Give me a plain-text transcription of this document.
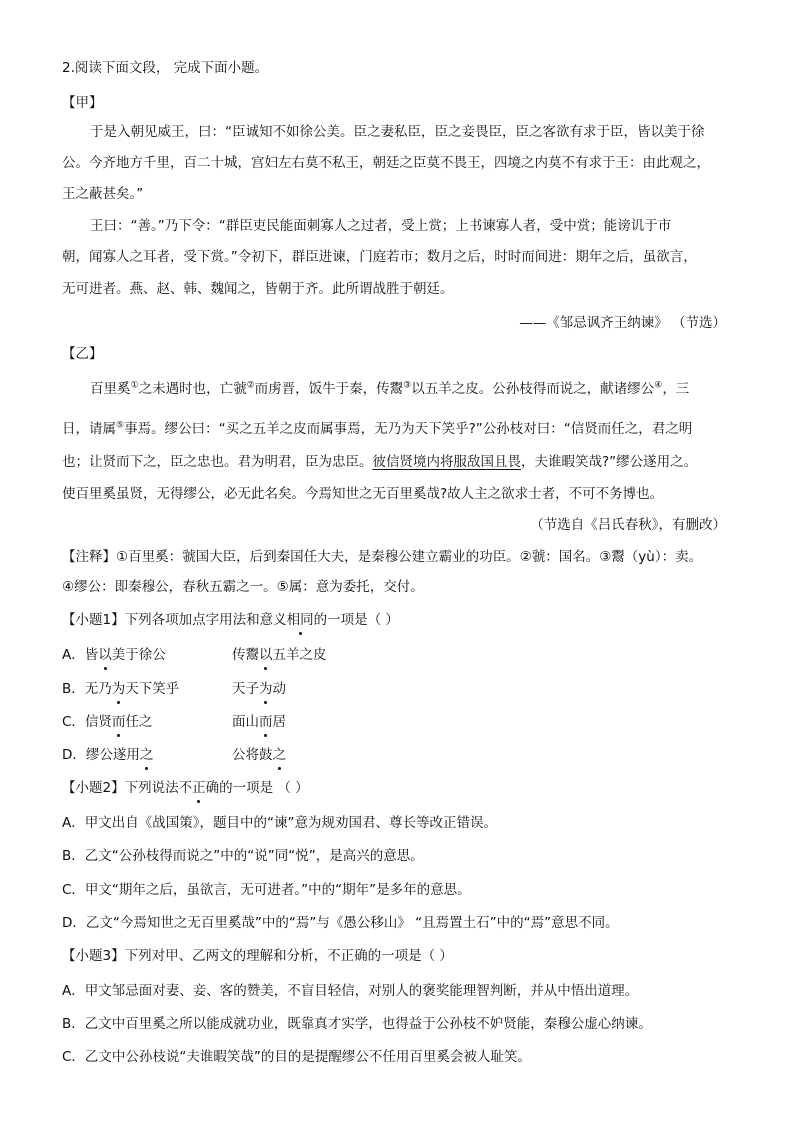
2.阅读下面文段， 完成下面小题。
【甲】
于是入朝见威王，曰：“臣诚知不如徐公美。臣之妻私臣，臣之妾畏臣，臣之客欲有求于臣，皆以美于徐
公。今齐地方千里，百二十城，宫妇左右莫不私王，朝廷之臣莫不畏王，四境之内莫不有求于王：由此观之，
王之蔽甚矣。”
王曰：“善。”乃下令：“群臣吏民能面刺寡人之过者，受上赏；上书谏寡人者，受中赏；能谤讥于市
朝，闻寡人之耳者，受下赏。”令初下，群臣进谏，门庭若市；数月之后，时时而间进：期年之后，虽欲言，
无可进者。燕、赵、韩、魏闻之，皆朝于齐。此所谓战胜于朝廷。
——《邹忌讽齐王纳谏》 （节选）
【乙】
百里奚①之未遇时也，亡虢②而虏晋，饭牛于秦，传鬻③以五羊之皮。公孙枝得而说之，献诸缪公④，三
日，请属⑤事焉。缪公曰：“买之五羊之皮而属事焉，无乃为天下笑乎?”公孙枝对曰：“信贤而任之，君之明
也；让贤而下之，臣之忠也。君为明君，臣为忠臣。彼信贤境内将服敌国且畏，夫谁暇笑哉?”缪公遂用之。
使百里奚虽贤，无得缪公，必无此名矣。今焉知世之无百里奚哉?故人主之欲求士者，不可不务博也。
（节选自《吕氏春秋》，有删改）
【注释】①百里奚：虢国大臣，后到秦国任大夫，是秦穆公建立霸业的功臣。②虢：国名。③鬻（yù）：卖。
④缪公：即秦穆公，春秋五霸之一。⑤属：意为委托，交付。
【小题1】下列各项加点字用法和意义相同的一项是（ ）
A．皆以美于徐公	传鬻以五羊之皮
B．无乃为天下笑乎	天子为动
C．信贤而任之	面山而居
D．缪公遂用之	公将鼓之
【小题2】下列说法不正确的一项是 （ ）
A．甲文出自《战国策》，题目中的“谏”意为规劝国君、尊长等改正错误。
B．乙文“公孙枝得而说之”中的“说”同“悦”，是高兴的意思。
C．甲文“期年之后，虽欲言，无可进者。”中的“期年”是多年的意思。
D．乙文“今焉知世之无百里奚哉”中的“焉”与《愚公移山》 “且焉置土石”中的“焉”意思不同。
【小题3】下列对甲、乙两文的理解和分析，不正确的一项是（ ）
A．甲文邹忌面对妻、妾、客的赞美，不盲目轻信，对别人的褒奖能理智判断，并从中悟出道理。
B．乙文中百里奚之所以能成就功业，既靠真才实学，也得益于公孙枝不妒贤能，秦穆公虚心纳谏。
C．乙文中公孙枝说“夫谁暇笑哉”的目的是提醒缪公不任用百里奚会被人耻笑。
